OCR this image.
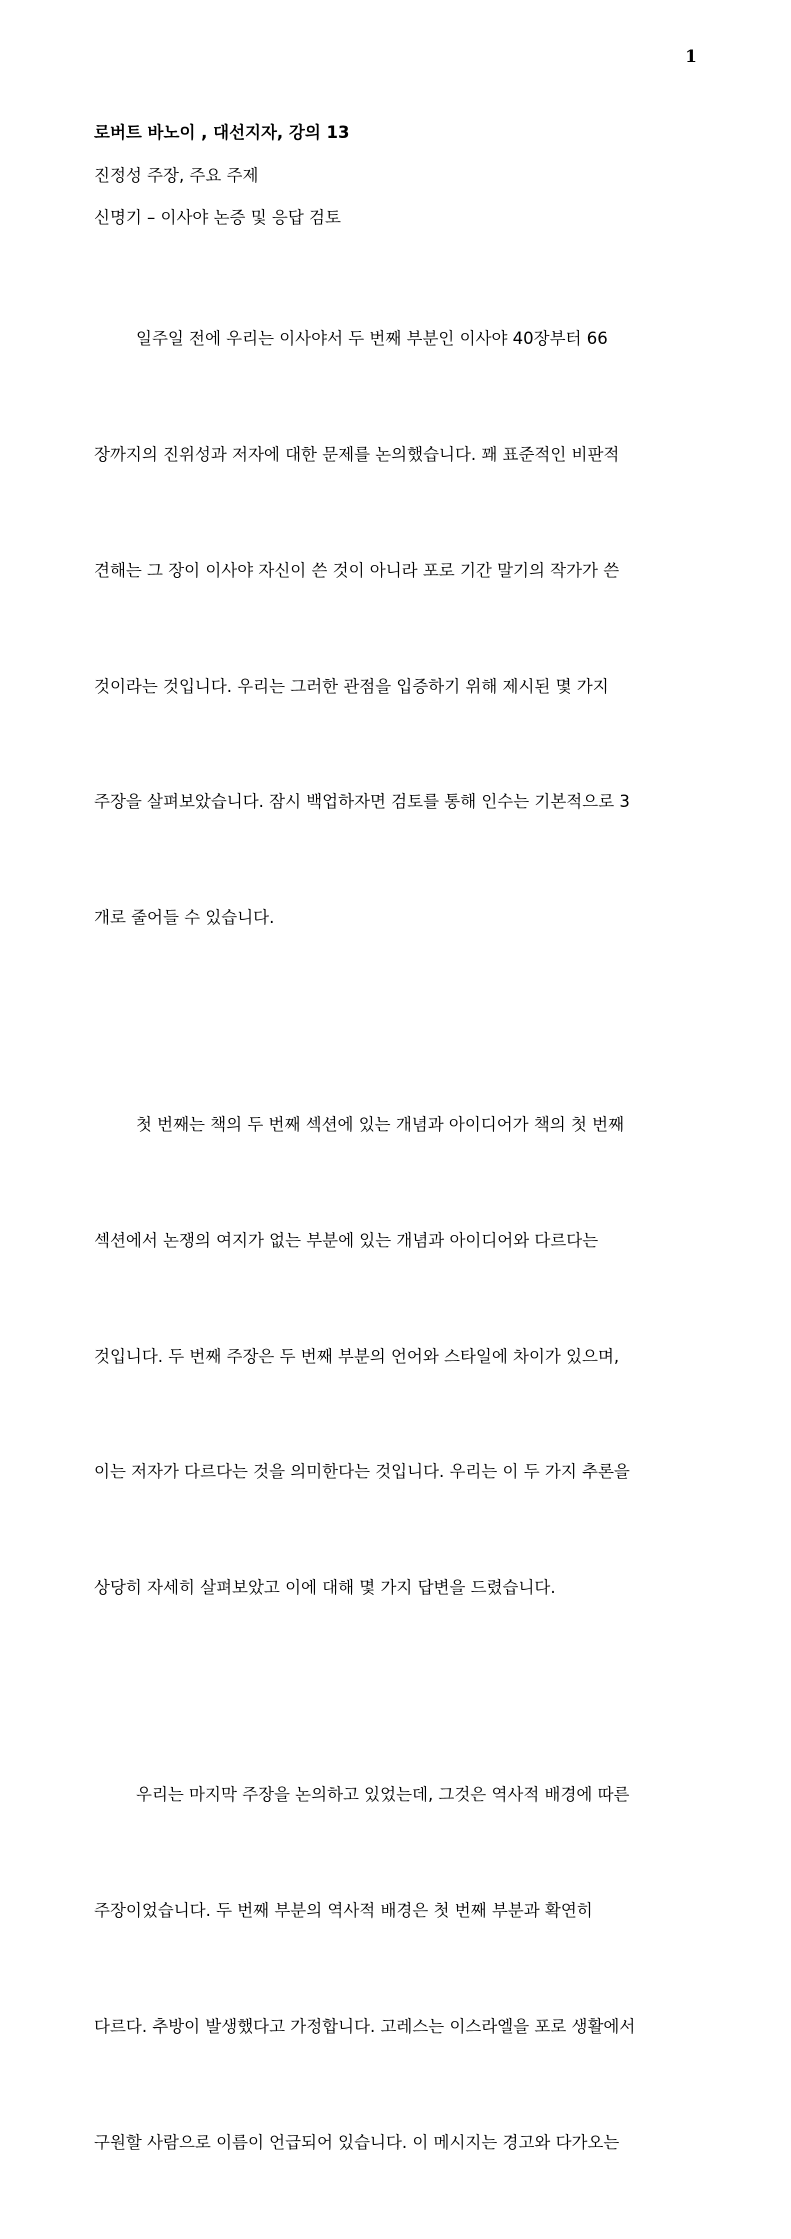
1

로버트 바노이 , 대선지자, 강의 13

진정성 주장, 주요 주제

신명기 – 이사야 논증 및 응답 검토

일주일 전에 우리는 이사야서 두 번째 부분인 이사야 40장부터 66

장까지의 진위성과 저자에 대한 문제를 논의했습니다. 꽤 표준적인 비판적

견해는 그 장이 이사야 자신이 쓴 것이 아니라 포로 기간 말기의 작가가 쓴

것이라는 것입니다. 우리는 그러한 관점을 입증하기 위해 제시된 몇 가지

주장을 살펴보았습니다. 잠시 백업하자면 검토를 통해 인수는 기본적으로 3

개로 줄어들 수 있습니다.

첫 번째는 책의 두 번째 섹션에 있는 개념과 아이디어가 책의 첫 번째

섹션에서 논쟁의 여지가 없는 부분에 있는 개념과 아이디어와 다르다는

것입니다. 두 번째 주장은 두 번째 부분의 언어와 스타일에 차이가 있으며,

이는 저자가 다르다는 것을 의미한다는 것입니다. 우리는 이 두 가지 추론을

상당히 자세히 살펴보았고 이에 대해 몇 가지 답변을 드렸습니다.

우리는 마지막 주장을 논의하고 있었는데, 그것은 역사적 배경에 따른

주장이었습니다. 두 번째 부분의 역사적 배경은 첫 번째 부분과 확연히

다르다. 추방이 발생했다고 가정합니다. 고레스는 이스라엘을 포로 생활에서

구원할 사람으로 이름이 언급되어 있습니다. 이 메시지는 경고와 다가오는
